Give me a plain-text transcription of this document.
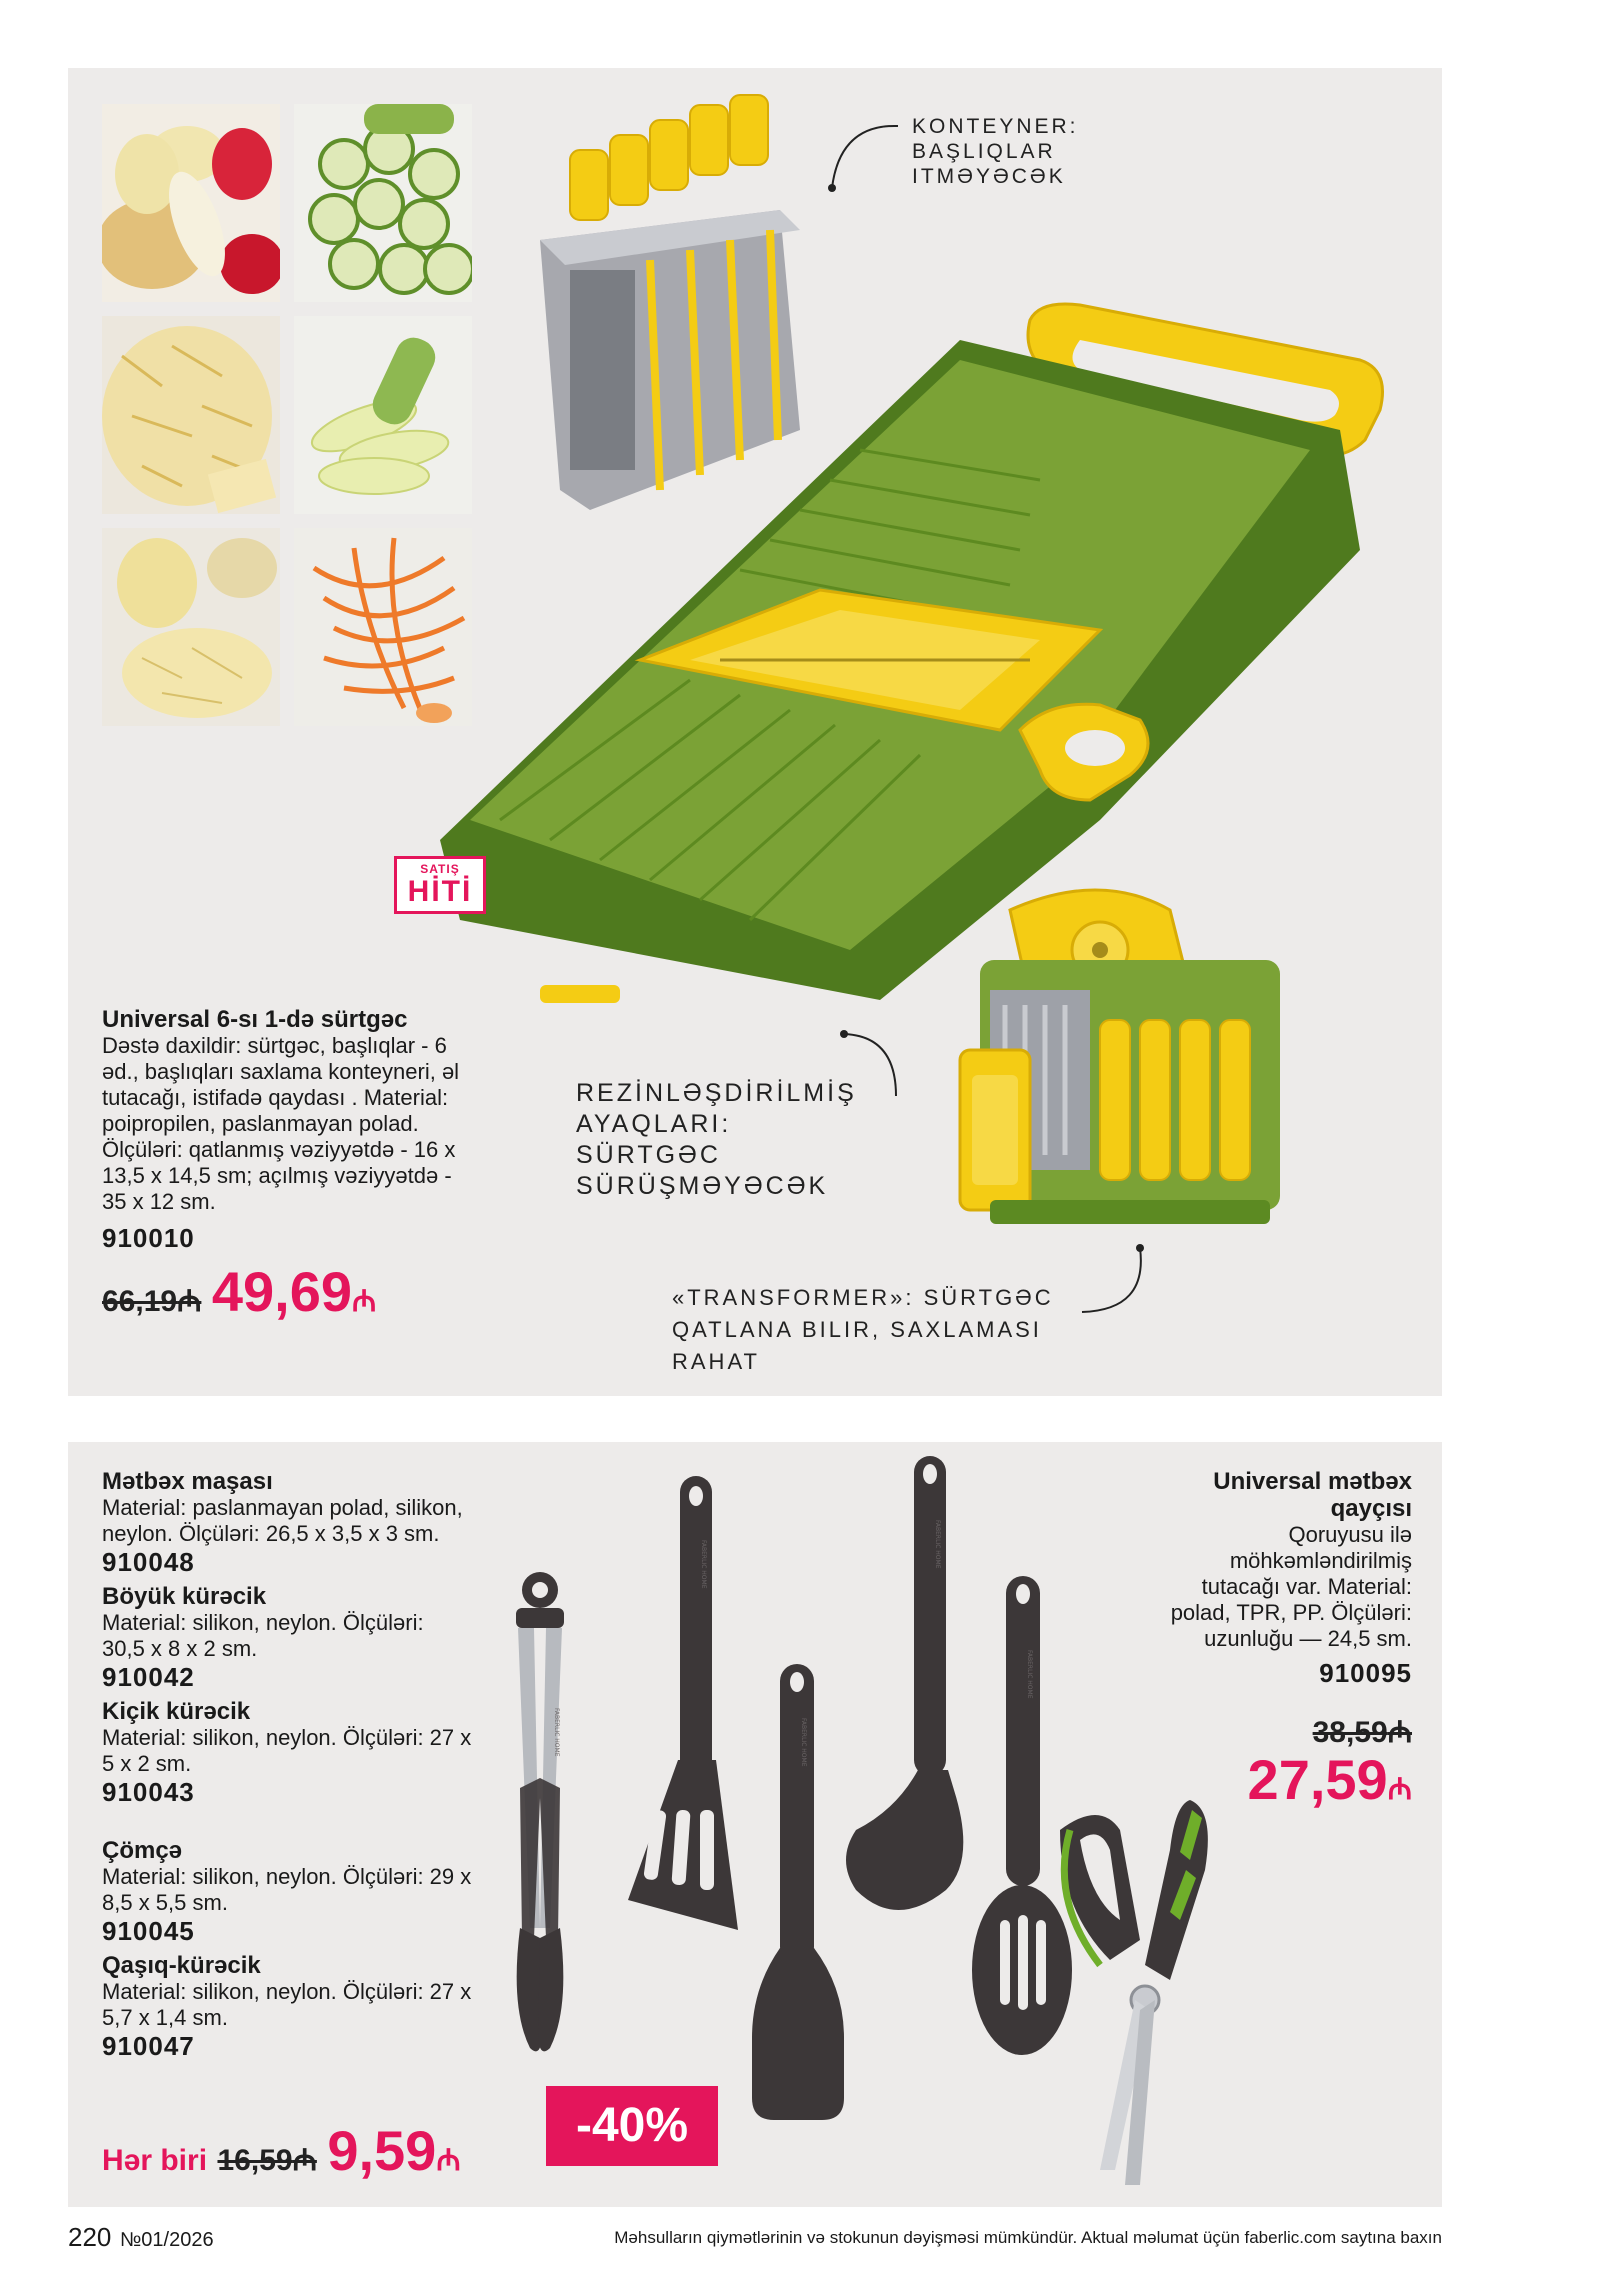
KONTEYNER: BAŞLIQLAR ITMƏYƏCƏK
REZİNLƏŞDİRİLMİŞ AYAQLARI: SÜRTGƏC SÜRÜŞMƏYƏCƏK
«TRANSFORMER»: SÜRTGƏC QATLANA BILIR, SAXLAMASI RAHAT
SATIŞ
HİTİ
Universal 6-sı 1-də sürtgəc
Dəstə daxildir: sürtgəc, başlıqlar - 6 əd., başlıqları saxlama konteyneri, əl tutacağı, istifadə qaydası . Material: poipropilen, paslanmayan polad. Ölçüləri: qatlanmış vəziyyətdə - 16 x 13,5 x 14,5 sm; açılmış vəziyyətdə - 35 x 12 sm.
910010
66,19₼ 49,69₼
Mətbəx maşası
Material: paslanmayan polad, silikon, neylon. Ölçüləri: 26,5 x 3,5 x 3 sm.
910048
Böyük kürəcik
Material: silikon, neylon. Ölçüləri: 30,5 x 8 x 2 sm.
910042
Kiçik kürəcik
Material: silikon, neylon. Ölçüləri: 27 x 5 x 2 sm.
910043
Çömçə
Material: silikon, neylon. Ölçüləri: 29 x 8,5 x 5,5 sm.
910045
Qaşıq-kürəcik
Material: silikon, neylon. Ölçüləri: 27 x 5,7 x 1,4 sm.
910047
Hər biri 16,59₼ 9,59₼
-40%
FABERLIC HOME
FABERLIC HOME
FABERLIC HOME
FABERLIC HOME
FABERLIC HOME
Universal mətbəx qayçısı
Qoruyusu ilə möhkəmləndirilmiş tutacağı var. Material: polad, TPR, PP. Ölçüləri: uzunluğu — 24,5 sm.
910095
38,59₼
27,59₼
220 №01/2026	Məhsulların qiymətlərinin və stokunun dəyişməsi mümkündür. Aktual məlumat üçün faberlic.com saytına baxın
